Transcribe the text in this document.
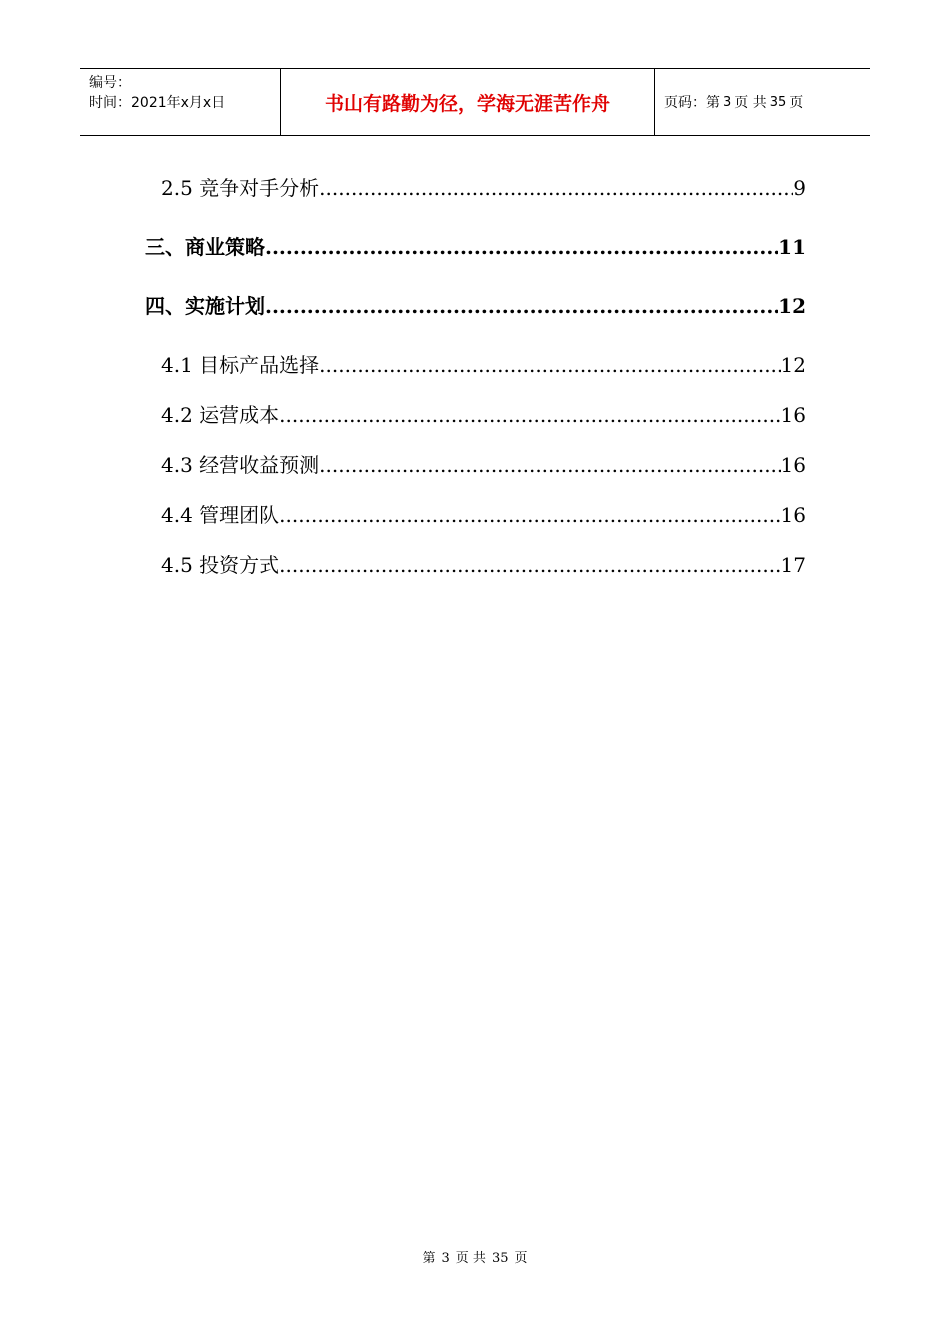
编号：
时间：2021年x月x日	书山有路勤为径，学海无涯苦作舟	页码：第 3 页 共 35 页
2.5 竞争对手分析 .....	9
三、商业策略 .....	11
四、实施计划 .....	12
4.1 目标产品选择 .....	12
4.2 运营成本 .....	16
4.3 经营收益预测 .....	16
4.4 管理团队 .....	16
4.5 投资方式 .....	17
第 3 页 共 35 页
